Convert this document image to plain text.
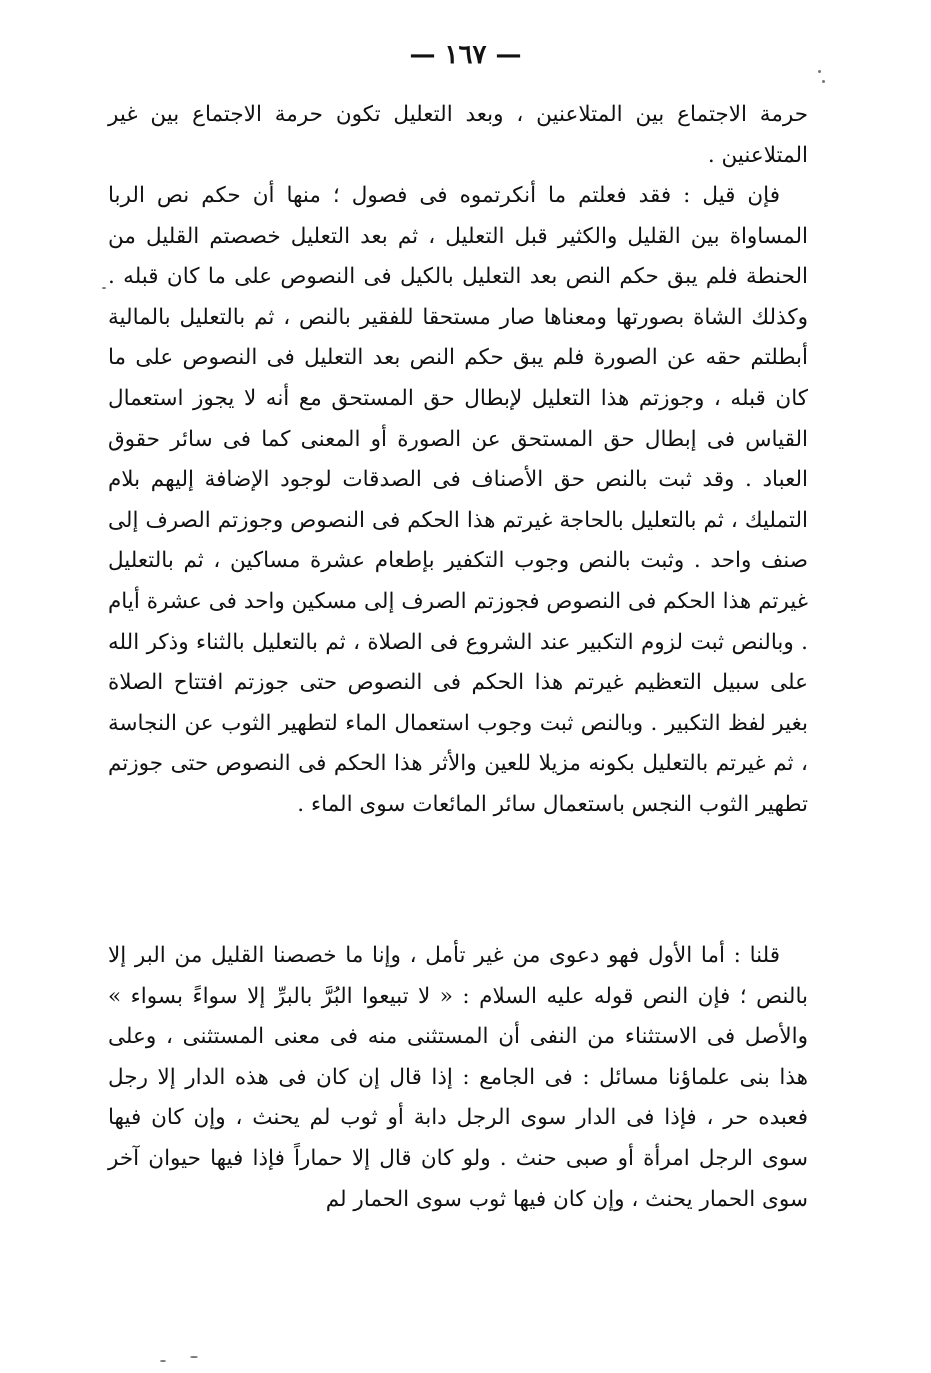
— ١٦٧ —

حرمة الاجتماع بين المتلاعنين ، وبعد التعليل تكون حرمة الاجتماع بين غير المتلاعنين .

فإن قيل : فقد فعلتم ما أنكرتموه فى فصول ؛ منها أن حكم نص الربا المساواة بين القليل والكثير قبل التعليل ، ثم بعد التعليل خصصتم القليل من الحنطة فلم يبق حكم النص بعد التعليل بالكيل فى النصوص على ما كان قبله . وكذلك الشاة بصورتها ومعناها صار مستحقا للفقير بالنص ، ثم بالتعليل بالمالية أبطلتم حقه عن الصورة فلم يبق حكم النص بعد التعليل فى النصوص على ما كان قبله ، وجوزتم هذا التعليل لإبطال حق المستحق مع أنه لا يجوز استعمال القياس فى إبطال حق المستحق عن الصورة أو المعنى كما فى سائر حقوق العباد . وقد ثبت بالنص حق الأصناف فى الصدقات لوجود الإضافة إليهم بلام التمليك ، ثم بالتعليل بالحاجة غيرتم هذا الحكم فى النصوص وجوزتم الصرف إلى صنف واحد . وثبت بالنص وجوب التكفير بإطعام عشرة مساكين ، ثم بالتعليل غيرتم هذا الحكم فى النصوص فجوزتم الصرف إلى مسكين واحد فى عشرة أيام . وبالنص ثبت لزوم التكبير عند الشروع فى الصلاة ، ثم بالتعليل بالثناء وذكر الله على سبيل التعظيم غيرتم هذا الحكم فى النصوص حتى جوزتم افتتاح الصلاة بغير لفظ التكبير . وبالنص ثبت وجوب استعمال الماء لتطهير الثوب عن النجاسة ، ثم غيرتم بالتعليل بكونه مزيلا للعين والأثر هذا الحكم فى النصوص حتى جوزتم تطهير الثوب النجس باستعمال سائر المائعات سوى الماء .

قلنا : أما الأول فهو دعوى من غير تأمل ، وإنا ما خصصنا القليل من البر إلا بالنص ؛ فإن النص قوله عليه السلام : « لا تبيعوا البُرَّ بالبرِّ إلا سواءً بسواء » والأصل فى الاستثناء من النفى أن المستثنى منه فى معنى المستثنى ، وعلى هذا بنى علماؤنا مسائل : فى الجامع : إذا قال إن كان فى هذه الدار إلا رجل فعبده حر ، فإذا فى الدار سوى الرجل دابة أو ثوب لم يحنث ، وإن كان فيها سوى الرجل امرأة أو صبى حنث . ولو كان قال إلا حماراً فإذا فيها حيوان آخر سوى الحمار يحنث ، وإن كان فيها ثوب سوى الحمار لم
